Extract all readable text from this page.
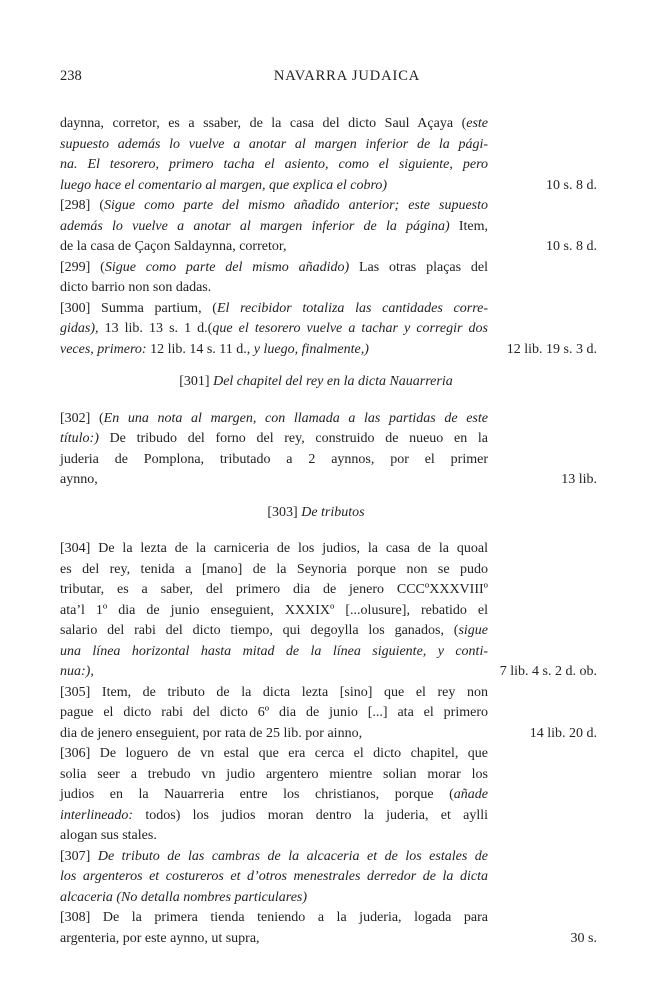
238	NAVARRA JUDAICA
daynna, corretor, es a ssaber, de la casa del dicto Saul Açaya (este
supuesto además lo vuelve a anotar al margen inferior de la pági-
na. El tesorero, primero tacha el asiento, como el siguiente, pero
luego hace el comentario al margen, que explica el cobro)	10 s. 8 d.
[298] (Sigue como parte del mismo añadido anterior; este supuesto
además lo vuelve a anotar al margen inferior de la página) Item,
de la casa de Çaçon Saldaynna, corretor,	10 s. 8 d.
[299] (Sigue como parte del mismo añadido) Las otras plaças del
dicto barrio non son dadas.
[300] Summa partium, (El recibidor totaliza las cantidades corre-
gidas), 13 lib. 13 s. 1 d.(que el tesorero vuelve a tachar y corregir dos
veces, primero: 12 lib. 14 s. 11 d., y luego, finalmente,)	12 lib. 19 s. 3 d.
[301] Del chapitel del rey en la dicta Nauarreria
[302] (En una nota al margen, con llamada a las partidas de este
título:) De tribudo del forno del rey, construido de nueuo en la
juderia de Pomplona, tributado a 2 aynnos, por el primer
aynno,	13 lib.
[303] De tributos
[304] De la lezta de la carniceria de los judios, la casa de la quoal
es del rey, tenida a [mano] de la Seynoria porque non se pudo
tributar, es a saber, del primero dia de jenero CCCºXXXVIIIº
ata’l 1º dia de junio enseguient, XXXIXº [...olusure], rebatido el
salario del rabi del dicto tiempo, qui degoylla los ganados, (sigue
una línea horizontal hasta mitad de la línea siguiente, y conti-
nua:),	7 lib. 4 s. 2 d. ob.
[305] Item, de tributo de la dicta lezta [sino] que el rey non
pague el dicto rabi del dicto 6º dia de junio [...] ata el primero
dia de jenero enseguient, por rata de 25 lib. por ainno,	14 lib. 20 d.
[306] De loguero de vn estal que era cerca el dicto chapitel, que
solia seer a trebudo vn judio argentero mientre solian morar los
judios en la Nauarreria entre los christianos, porque (añade
interlineado: todos) los judios moran dentro la juderia, et aylli
alogan sus stales.
[307] De tributo de las cambras de la alcaceria et de los estales de
los argenteros et costureros et d’otros menestrales derredor de la dicta
alcaceria (No detalla nombres particulares)
[308] De la primera tienda teniendo a la juderia, logada para
argenteria, por este aynno, ut supra,	30 s.
